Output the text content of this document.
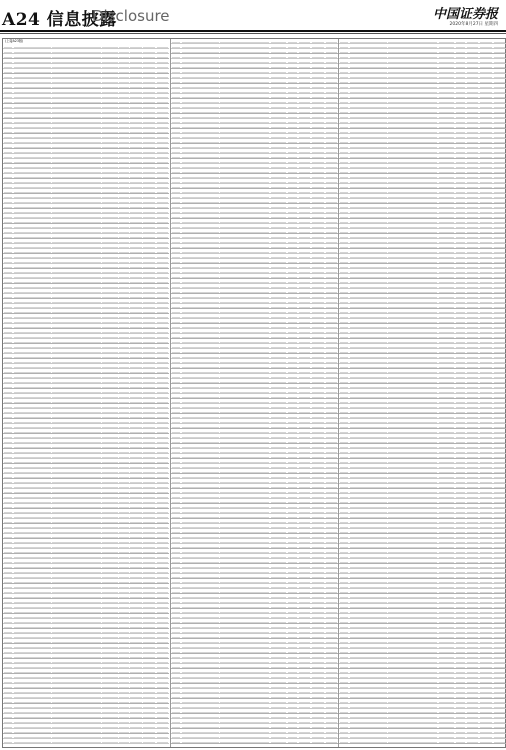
A24 信息披露
Disclosure	中国证券报
2020年8月27日 星期四
(上接A23版)
